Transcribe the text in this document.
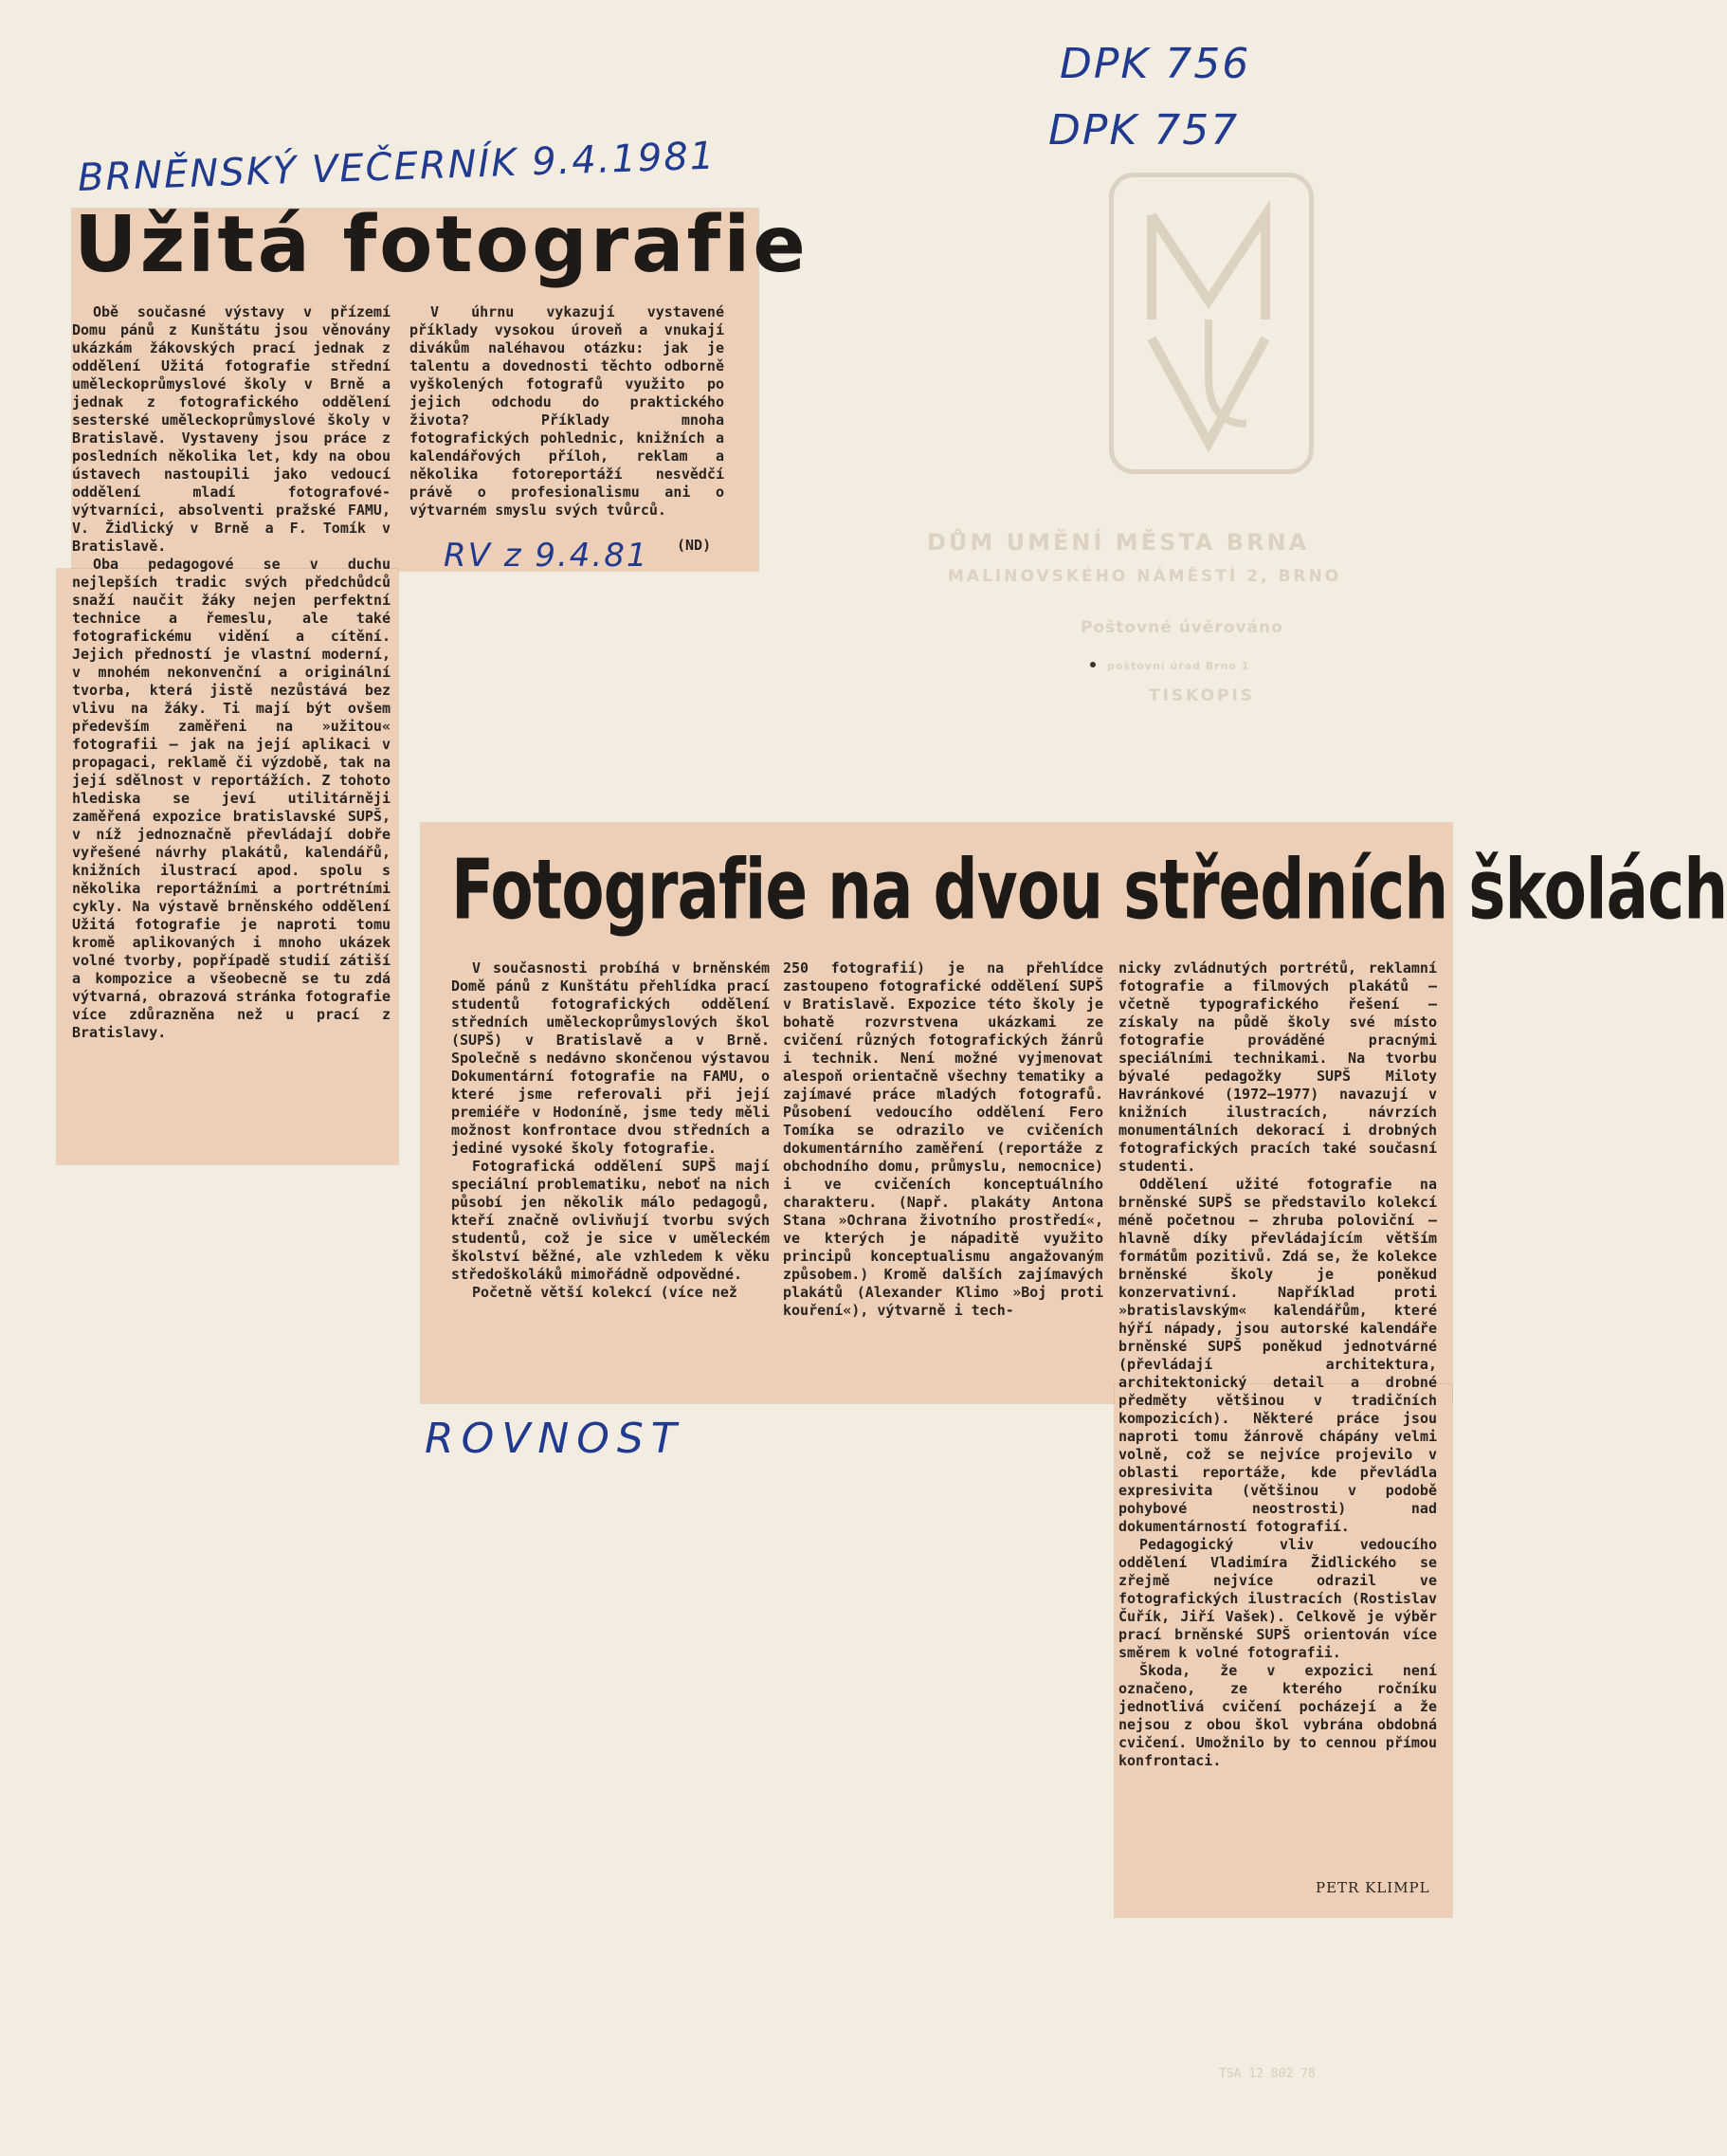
DPK 756
DPK 757
BRNĚNSKÝ VEČERNÍK 9.4.1981
ROVNOST
DŮM UMĚNÍ MĚSTA BRNA
MALINOVSKÉHO NÁMĚSTÍ 2, BRNO
Poštovné úvěrováno
poštovní úřad Brno 1
TISKOPIS
TSA 12 802 78
Užitá fotografie

Obě současné výstavy v přízemí Domu pánů z Kunštátu jsou věnovány ukázkám žákovských prací jednak z oddělení Užitá fotografie střední uměleckoprůmyslové školy v Brně a jednak z fotografického oddělení sesterské uměleckoprůmyslové školy v Bratislavě. Vystaveny jsou práce z posledních několika let, kdy na obou ústavech nastoupili jako vedoucí oddělení mladí fotografové-výtvarníci, absolventi pražské FAMU, V. Židlický v Brně a F. Tomík v Bratislavě.

Oba pedagogové se v duchu nejlepších tradic svých předchůdců snaží naučit žáky nejen perfektní technice a řemeslu, ale také fotografickému vidění a cítění. Jejich předností je vlastní moderní, v mnohém nekonvenční a originální tvorba, která jistě nezůstává bez vlivu na žáky. Ti mají být ovšem především zaměřeni na »užitou« fotografii — jak na její aplikaci v propagaci, reklamě či výzdobě, tak na její sdělnost v reportážích. Z tohoto hlediska se jeví utilitárněji zaměřená expozice bratislavské SUPŠ, v níž jednoznačně převládají dobře vyřešené návrhy plakátů, kalendářů, knižních ilustrací apod. spolu s několika reportážními a portrétními cykly. Na výstavě brněnského oddělení Užitá fotografie je naproti tomu kromě aplikovaných i mnoho ukázek volné tvorby, popřípadě studií zátiší a kompozice a všeobecně se tu zdá výtvarná, obrazová stránka fotografie více zdůrazněna než u prací z Bratislavy.

V úhrnu vykazují vystavené příklady vysokou úroveň a vnukají divákům naléhavou otázku: jak je talentu a dovednosti těchto odborně vyškolených fotografů využito po jejich odchodu do praktického života? Příklady mnoha fotografických pohlednic, knižních a kalendářových příloh, reklam a několika fotoreportáží nesvědčí právě o profesionalismu ani o výtvarném smyslu svých tvůrců.

RV z 9.4.81 (ND)
Fotografie na dvou středních školách

V současnosti probíhá v brněnském Domě pánů z Kunštátu přehlídka prací studentů fotografických oddělení středních uměleckoprůmyslových škol (SUPŠ) v Bratislavě a v Brně. Společně s nedávno skončenou výstavou Dokumentární fotografie na FAMU, o které jsme referovali při její premiéře v Hodoníně, jsme tedy měli možnost konfrontace dvou středních a jediné vysoké školy fotografie.

Fotografická oddělení SUPŠ mají speciální problematiku, neboť na nich působí jen několik málo pedagogů, kteří značně ovlivňují tvorbu svých studentů, což je sice v uměleckém školství běžné, ale vzhledem k věku středoškoláků mimořádně odpovědné.

Početně větší kolekcí (více než

250 fotografií) je na přehlídce zastoupeno fotografické oddělení SUPŠ v Bratislavě. Expozice této školy je bohatě rozvrstvena ukázkami ze cvičení různých fotografických žánrů i technik. Není možné vyjmenovat alespoň orientačně všechny tematiky a zajímavé práce mladých fotografů. Působení vedoucího oddělení Fero Tomíka se odrazilo ve cvičeních dokumentárního zaměření (reportáže z obchodního domu, průmyslu, nemocnice) i ve cvičeních konceptuálního charakteru. (Např. plakáty Antona Stana »Ochrana životního prostředí«, ve kterých je nápaditě využito principů konceptualismu angažovaným způsobem.) Kromě dalších zajímavých plakátů (Alexander Klimo »Boj proti kouření«), výtvarně i tech-

nicky zvládnutých portrétů, reklamní fotografie a filmových plakátů — včetně typografického řešení — získaly na půdě školy své místo fotografie prováděné pracnými speciálními technikami. Na tvorbu bývalé pedagožky SUPŠ Miloty Havránkové (1972—1977) navazují v knižních ilustracích, návrzích monumentálních dekorací i drobných fotografických pracích také současní studenti.

Oddělení užité fotografie na brněnské SUPŠ se představilo kolekcí méně početnou — zhruba poloviční — hlavně díky převládajícím větším formátům pozitivů. Zdá se, že kolekce brněnské školy je poněkud konzervativní. Například proti »bratislavským« kalendářům, které hýří nápady, jsou autorské kalendáře brněnské SUPŠ poněkud jednotvárné (převládají architektura, architektonický detail a drobné předměty většinou v tradičních kompozicích). Některé práce jsou naproti tomu žánrově chápány velmi volně, což se nejvíce projevilo v oblasti reportáže, kde převládla expresivita (většinou v podobě pohybové neostrosti) nad dokumentárností fotografií.

Pedagogický vliv vedoucího oddělení Vladimíra Židlického se zřejmě nejvíce odrazil ve fotografických ilustracích (Rostislav Čuřík, Jiří Vašek). Celkově je výběr prací brněnské SUPŠ orientován více směrem k volné fotografii.

Škoda, že v expozici není označeno, ze kterého ročníku jednotlivá cvičení pocházejí a že nejsou z obou škol vybrána obdobná cvičení. Umožnilo by to cennou přímou konfrontaci.

PETR KLIMPL
